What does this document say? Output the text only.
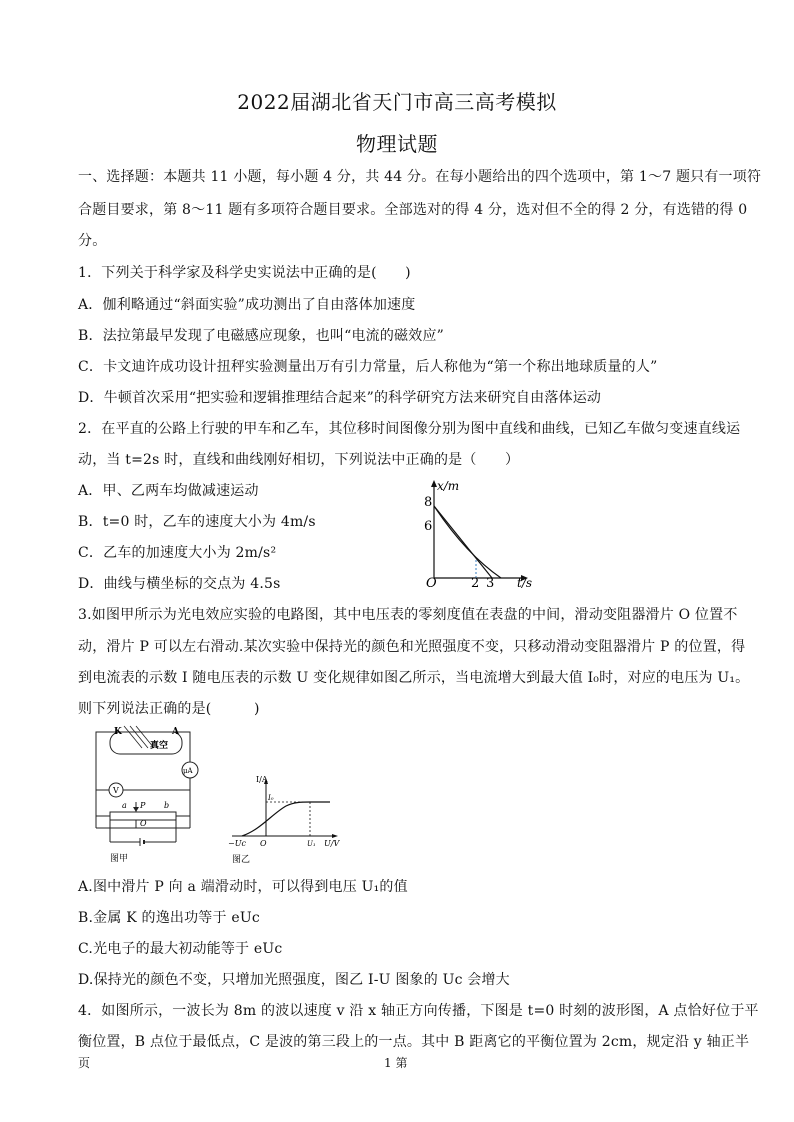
2022届湖北省天门市高三高考模拟
物理试题
一、选择题：本题共 11 小题，每小题 4 分，共 44 分。在每小题给出的四个选项中，第 1～7 题只有一项符
合题目要求，第 8～11 题有多项符合题目要求。全部选对的得 4 分，选对但不全的得 2 分，有选错的得 0
分。
1．下列关于科学家及科学史实说法中正确的是(　　)
A．伽利略通过“斜面实验”成功测出了自由落体加速度
B．法拉第最早发现了电磁感应现象，也叫“电流的磁效应”
C．卡文迪许成功设计扭秤实验测量出万有引力常量，后人称他为“第一个称出地球质量的人”
D．牛顿首次采用“把实验和逻辑推理结合起来”的科学研究方法来研究自由落体运动
2．在平直的公路上行驶的甲车和乙车，其位移时间图像分别为图中直线和曲线，已知乙车做匀变速直线运
动，当 t=2s 时，直线和曲线刚好相切，下列说法中正确的是（　　）
A．甲、乙两车均做减速运动
B．t=0 时，乙车的速度大小为 4m/s
C．乙车的加速度大小为 2m/s²
D．曲线与横坐标的交点为 4.5s
x/m
8
6
O	2 3 t/s
3.如图甲所示为光电效应实验的电路图，其中电压表的零刻度值在表盘的中间，滑动变阻器滑片 O 位置不
动，滑片 P 可以左右滑动.某次实验中保持光的颜色和光照强度不变，只移动滑动变阻器滑片 P 的位置，得
到电流表的示数 I 随电压表的示数 U 变化规律如图乙所示，当电流增大到最大值 I₀时，对应的电压为 U₁。
则下列说法正确的是(　　　)
K	A
真空
μA
V
a P b
O
图甲
I/A
I₀
−Uc O	U₁ U/V
图乙
A.图中滑片 P 向 a 端滑动时，可以得到电压 U₁的值
B.金属 K 的逸出功等于 eUc
C.光电子的最大初动能等于 eUc
D.保持光的颜色不变，只增加光照强度，图乙 I-U 图象的 Uc 会增大
4．如图所示，一波长为 8m 的波以速度 v 沿 x 轴正方向传播，下图是 t=0 时刻的波形图，A 点恰好位于平
衡位置，B 点位于最低点，C 是波的第三段上的一点。其中 B 距离它的平衡位置为 2cm，规定沿 y 轴正半
页	1 第
